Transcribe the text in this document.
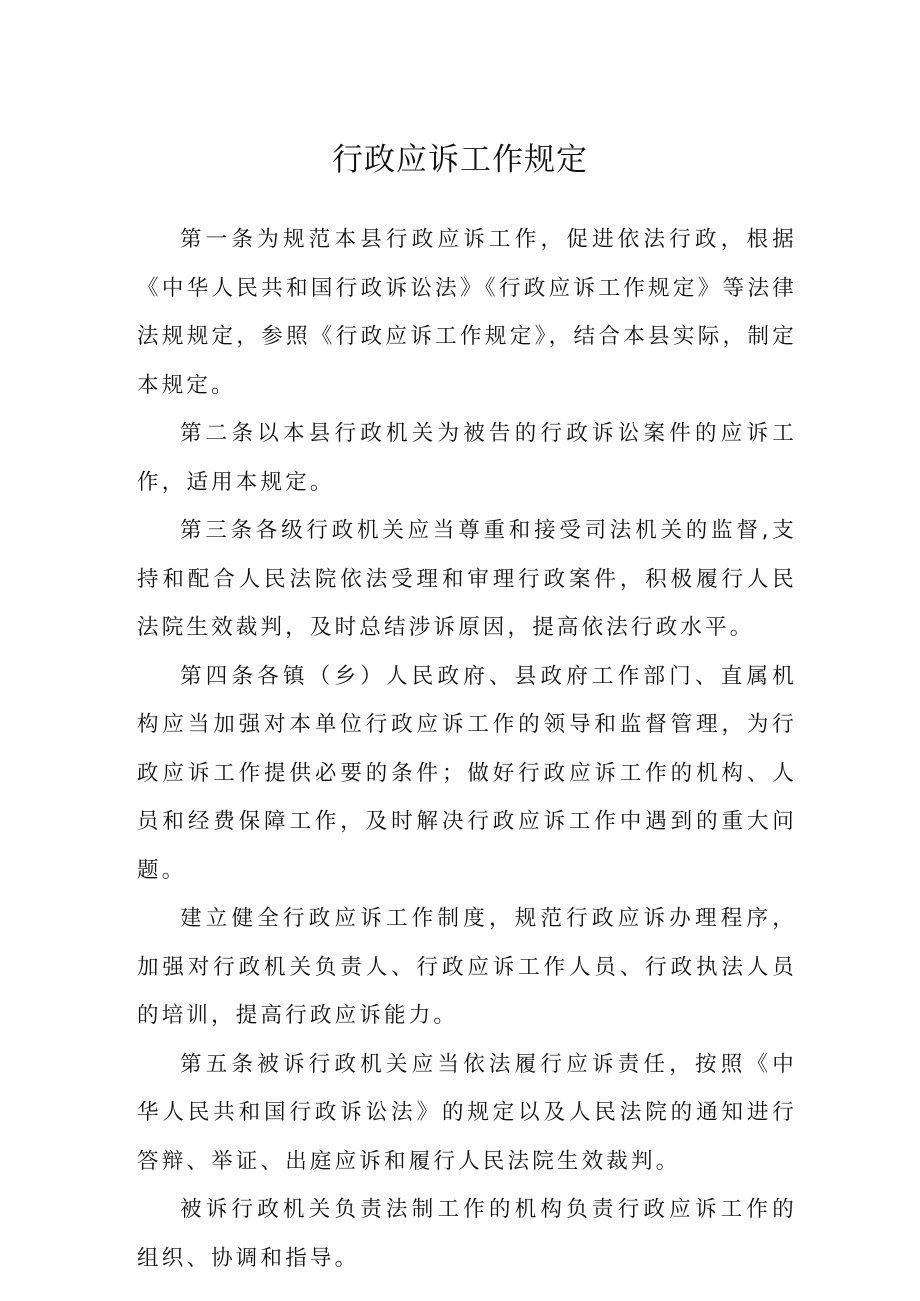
行政应诉工作规定

第一条为规范本县行政应诉工作，促进依法行政，根据《中华人民共和国行政诉讼法》《行政应诉工作规定》等法律法规规定，参照《行政应诉工作规定》，结合本县实际，制定本规定。

第二条以本县行政机关为被告的行政诉讼案件的应诉工作，适用本规定。

第三条各级行政机关应当尊重和接受司法机关的监督,支持和配合人民法院依法受理和审理行政案件，积极履行人民法院生效裁判，及时总结涉诉原因，提高依法行政水平。

第四条各镇（乡）人民政府、县政府工作部门、直属机构应当加强对本单位行政应诉工作的领导和监督管理，为行政应诉工作提供必要的条件；做好行政应诉工作的机构、人员和经费保障工作，及时解决行政应诉工作中遇到的重大问题。

建立健全行政应诉工作制度，规范行政应诉办理程序，加强对行政机关负责人、行政应诉工作人员、行政执法人员的培训，提高行政应诉能力。

第五条被诉行政机关应当依法履行应诉责任，按照《中华人民共和国行政诉讼法》的规定以及人民法院的通知进行答辩、举证、出庭应诉和履行人民法院生效裁判。

被诉行政机关负责法制工作的机构负责行政应诉工作的组织、协调和指导。
